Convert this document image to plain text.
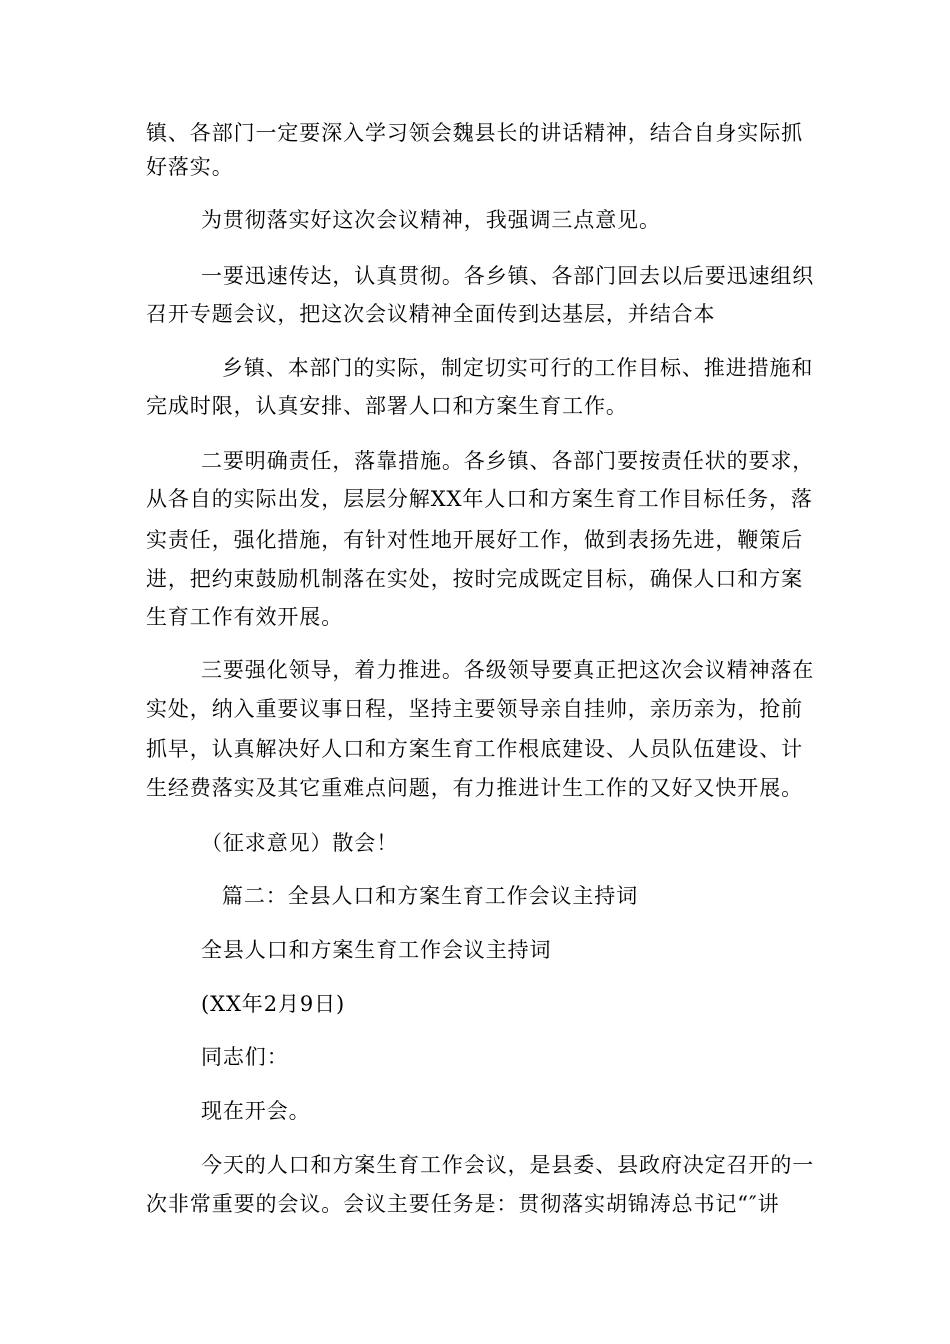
镇、各部门一定要深入学习领会魏县长的讲话精神，结合自身实际抓
好落实。
为贯彻落实好这次会议精神，我强调三点意见。
一要迅速传达，认真贯彻。各乡镇、各部门回去以后要迅速组织
召开专题会议，把这次会议精神全面传到达基层，并结合本
乡镇、本部门的实际，制定切实可行的工作目标、推进措施和
完成时限，认真安排、部署人口和方案生育工作。
二要明确责任，落靠措施。各乡镇、各部门要按责任状的要求，
从各自的实际出发，层层分解XX年人口和方案生育工作目标任务，落
实责任，强化措施，有针对性地开展好工作，做到表扬先进，鞭策后
进，把约束鼓励机制落在实处，按时完成既定目标，确保人口和方案
生育工作有效开展。
三要强化领导，着力推进。各级领导要真正把这次会议精神落在
实处，纳入重要议事日程，坚持主要领导亲自挂帅，亲历亲为，抢前
抓早，认真解决好人口和方案生育工作根底建设、人员队伍建设、计
生经费落实及其它重难点问题，有力推进计生工作的又好又快开展。
（征求意见）散会！
篇二：全县人口和方案生育工作会议主持词
全县人口和方案生育工作会议主持词
(XX年2月9日)
同志们：
现在开会。
今天的人口和方案生育工作会议，是县委、县政府决定召开的一
次非常重要的会议。会议主要任务是：贯彻落实胡锦涛总书记“″讲
